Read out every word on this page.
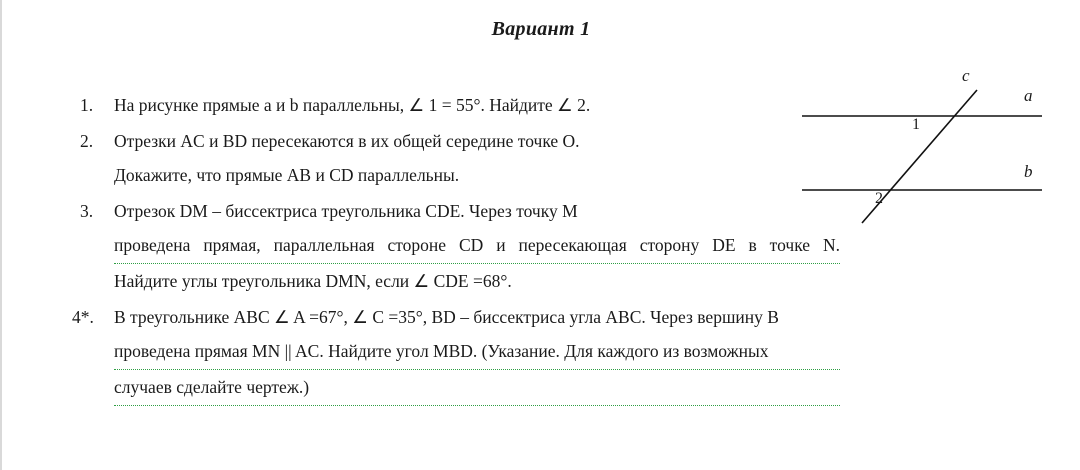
Вариант 1
1.	На рисунке прямые a и b параллельны, ∠ 1 = 55°. Найдите ∠ 2.
2.	Отрезки AC и BD пересекаются в их общей середине точке O.
Докажите, что прямые AB и CD параллельны.
3.	Отрезок DM – биссектриса треугольника CDE. Через точку M
проведена прямая, параллельная стороне CD и пересекающая сторону DE в точке N.
Найдите углы треугольника DMN, если ∠ CDE =68°.
4*.	В треугольнике ABC ∠ A =67°, ∠ C =35°, BD – биссектриса угла ABC. Через вершину B
проведена прямая MN || AC. Найдите угол MBD. (Указание. Для каждого из возможных
случаев сделайте чертеж.)
c
a
b
1
2
